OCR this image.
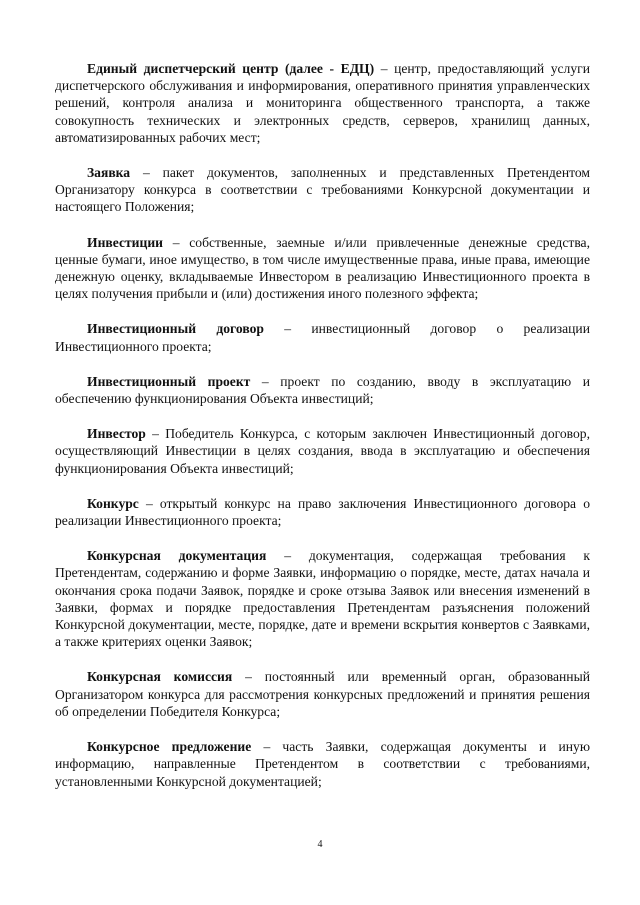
Единый диспетчерский центр (далее - ЕДЦ) – центр, предоставляющий услуги диспетчерского обслуживания и информирования, оперативного принятия управленческих решений, контроля анализа и мониторинга общественного транспорта, а также совокупность технических и электронных средств, серверов, хранилищ данных, автоматизированных рабочих мест;

Заявка – пакет документов, заполненных и представленных Претендентом Организатору конкурса в соответствии с требованиями Конкурсной документации и настоящего Положения;

Инвестиции – собственные, заемные и/или привлеченные денежные средства, ценные бумаги, иное имущество, в том числе имущественные права, иные права, имеющие денежную оценку, вкладываемые Инвестором в реализацию Инвестиционного проекта в целях получения прибыли и (или) достижения иного полезного эффекта;

Инвестиционный договор – инвестиционный договор о реализации Инвестиционного проекта;

Инвестиционный проект – проект по созданию, вводу в эксплуатацию и обеспечению функционирования Объекта инвестиций;

Инвестор – Победитель Конкурса, с которым заключен Инвестиционный договор, осуществляющий Инвестиции в целях создания, ввода в эксплуатацию и обеспечения функционирования Объекта инвестиций;

Конкурс – открытый конкурс на право заключения Инвестиционного договора о реализации Инвестиционного проекта;

Конкурсная документация – документация, содержащая требования к Претендентам, содержанию и форме Заявки, информацию о порядке, месте, датах начала и окончания срока подачи Заявок, порядке и сроке отзыва Заявок или внесения изменений в Заявки, формах и порядке предоставления Претендентам разъяснения положений Конкурсной документации, месте, порядке, дате и времени вскрытия конвертов с Заявками, а также критериях оценки Заявок;

Конкурсная комиссия – постоянный или временный орган, образованный Организатором конкурса для рассмотрения конкурсных предложений и принятия решения об определении Победителя Конкурса;

Конкурсное предложение – часть Заявки, содержащая документы и иную информацию, направленные Претендентом в соответствии с требованиями, установленными Конкурсной документацией;

4
